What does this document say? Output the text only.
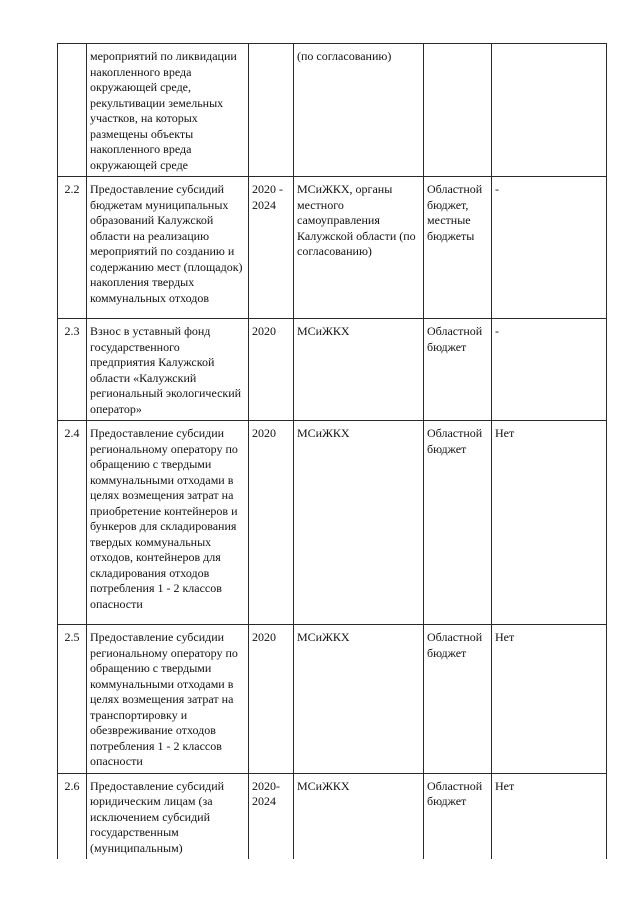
	мероприятий по ликвидации накопленного вреда окружающей среде, рекультивации земельных участков, на которых размещены объекты накопленного вреда окружающей среде		(по согласованию)		

2.2	Предоставление субсидий бюджетам муниципальных образований Калужской области на реализацию мероприятий по созданию и содержанию мест (площадок) накопления твердых коммунальных отходов	2020 - 2024	МСиЖКХ, органы местного самоуправления Калужской области (по согласованию)	Областной бюджет, местные бюджеты	-

2.3	Взнос в уставный фонд государственного предприятия Калужской области «Калужский региональный экологический оператор»	2020	МСиЖКХ	Областной бюджет	-

2.4	Предоставление субсидии региональному оператору по обращению с твердыми коммунальными отходами в целях возмещения затрат на приобретение контейнеров и бункеров для складирования твердых коммунальных отходов, контейнеров для складирования отходов потребления 1 - 2 классов опасности	2020	МСиЖКХ	Областной бюджет	Нет

2.5	Предоставление субсидии региональному оператору по обращению с твердыми коммунальными отходами в целях возмещения затрат на транспортировку и обезвреживание отходов потребления 1 - 2 классов опасности	2020	МСиЖКХ	Областной бюджет	Нет

2.6	Предоставление субсидий юридическим лицам (за исключением субсидий государственным (муниципальным)	2020-2024	МСиЖКХ	Областной бюджет	Нет
